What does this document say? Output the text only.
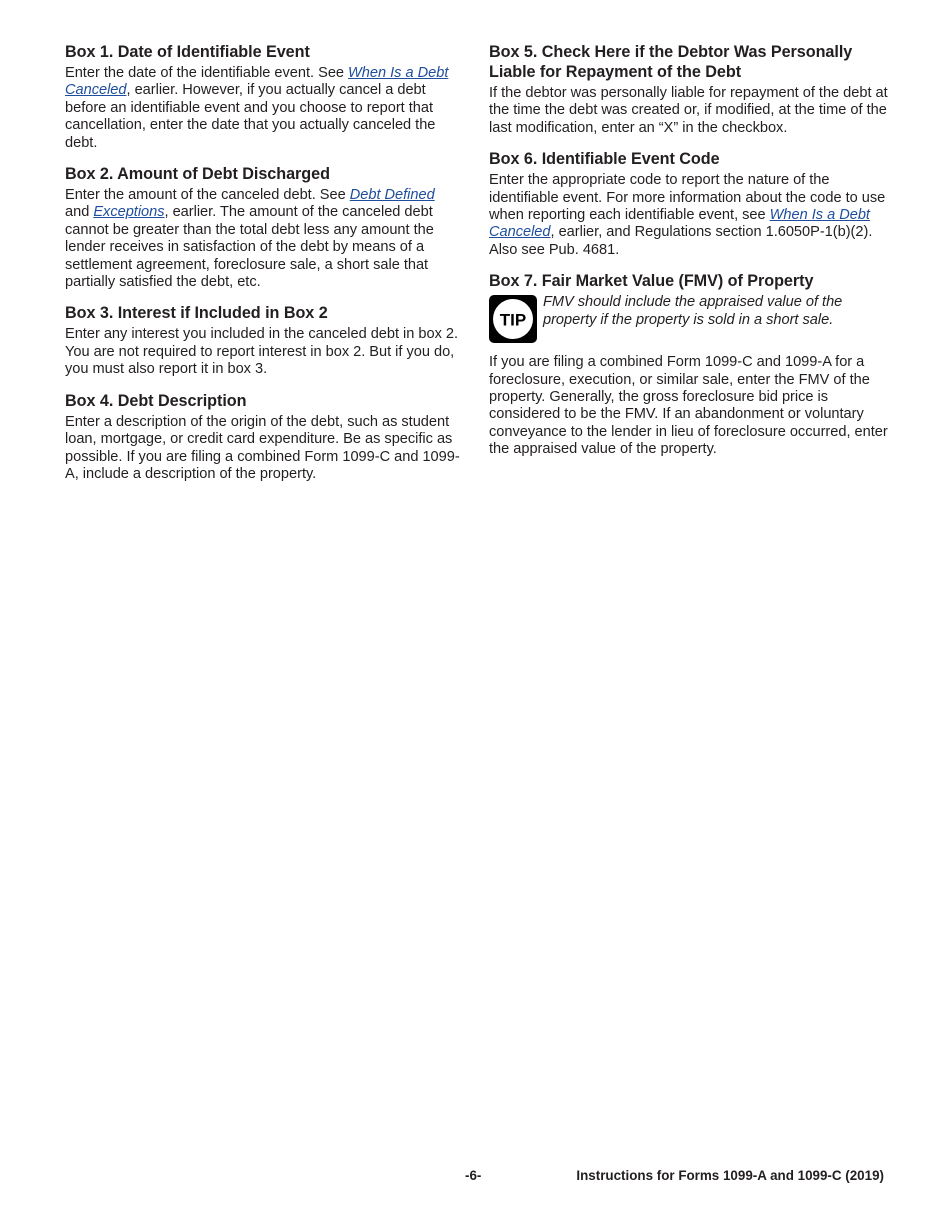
Box 1. Date of Identifiable Event

Enter the date of the identifiable event. See When Is a Debt Canceled, earlier. However, if you actually cancel a debt before an identifiable event and you choose to report that cancellation, enter the date that you actually canceled the debt.

Box 2. Amount of Debt Discharged

Enter the amount of the canceled debt. See Debt Defined and Exceptions, earlier. The amount of the canceled debt cannot be greater than the total debt less any amount the lender receives in satisfaction of the debt by means of a settlement agreement, foreclosure sale, a short sale that partially satisfied the debt, etc.

Box 3. Interest if Included in Box 2

Enter any interest you included in the canceled debt in box 2. You are not required to report interest in box 2. But if you do, you must also report it in box 3.

Box 4. Debt Description

Enter a description of the origin of the debt, such as student loan, mortgage, or credit card expenditure. Be as specific as possible. If you are filing a combined Form 1099-C and 1099-A, include a description of the property.

Box 5. Check Here if the Debtor Was Personally Liable for Repayment of the Debt

If the debtor was personally liable for repayment of the debt at the time the debt was created or, if modified, at the time of the last modification, enter an “X” in the checkbox.

Box 6. Identifiable Event Code

Enter the appropriate code to report the nature of the identifiable event. For more information about the code to use when reporting each identifiable event, see When Is a Debt Canceled, earlier, and Regulations section 1.6050P-1(b)(2). Also see Pub. 4681.

Box 7. Fair Market Value (FMV) of Property
TIP

FMV should include the appraised value of the property if the property is sold in a short sale.

If you are filing a combined Form 1099-C and 1099-A for a foreclosure, execution, or similar sale, enter the FMV of the property. Generally, the gross foreclosure bid price is considered to be the FMV. If an abandonment or voluntary conveyance to the lender in lieu of foreclosure occurred, enter the appraised value of the property.

-6-	Instructions for Forms 1099-A and 1099-C (2019)
